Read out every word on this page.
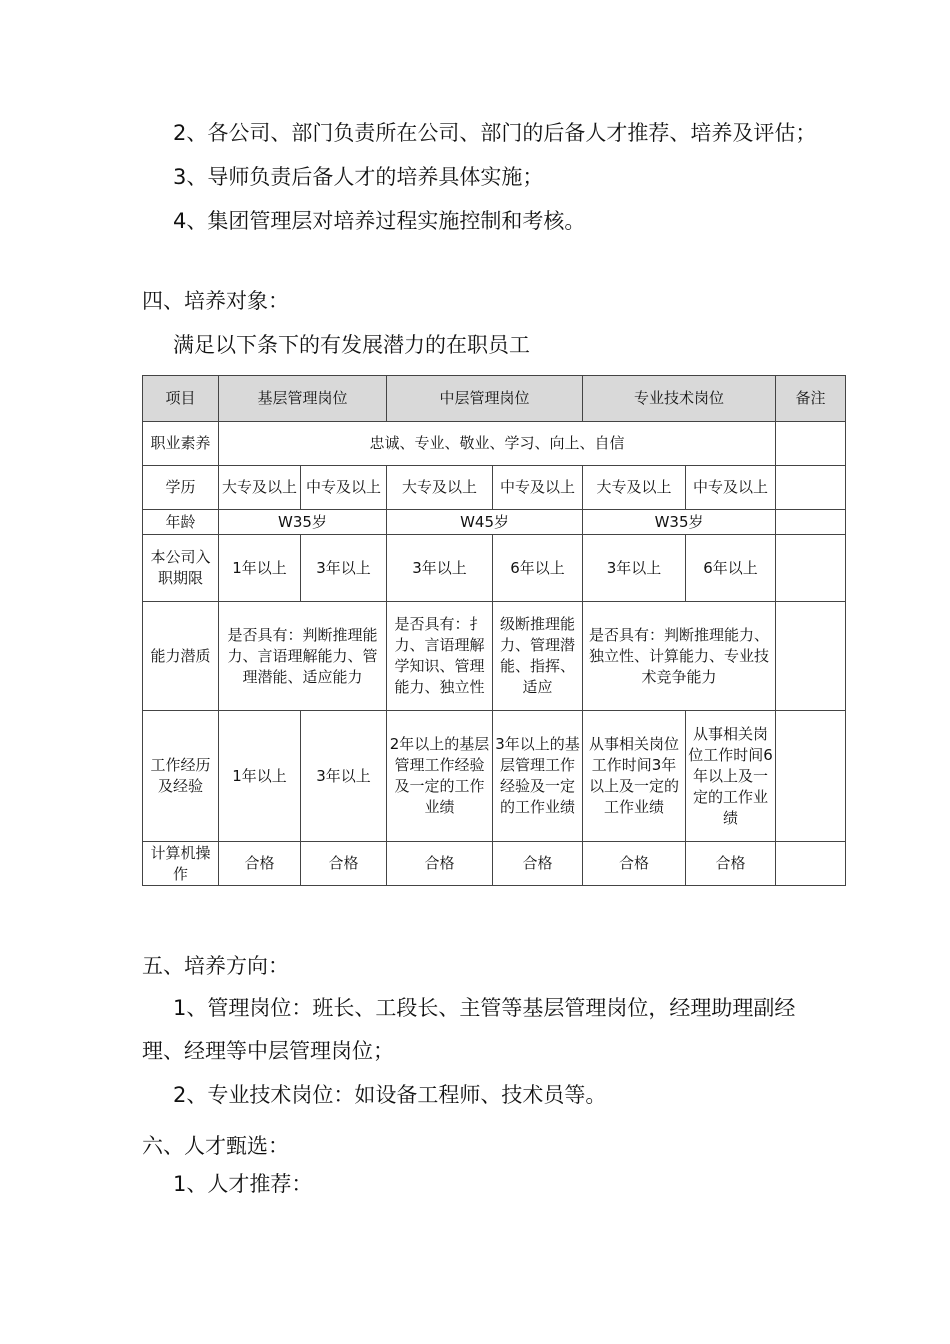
2、各公司、部门负责所在公司、部门的后备人才推荐、培养及评估；
3、导师负责后备人才的培养具体实施；
4、集团管理层对培养过程实施控制和考核。
四、培养对象：
满足以下条下的有发展潜力的在职员工
项目	基层管理岗位		中层管理岗位		专业技术岗位		备注
职业素养	忠诚、专业、敬业、学习、向上、自信						
学历	大专及以上	中专及以上	大专及以上	中专及以上	大专及以上	中专及以上	
年龄	W35岁		W45岁		W35岁		
本公司入职期限	1年以上	3年以上	3年以上	6年以上	3年以上	6年以上	
能力潜质	是否具有：判断推理能力、言语理解能力、管理潜能、适应能力		是否具有：扌力、言语理解学知识、管理能力、独立性	级断推理能力、管理潜能、指挥、适应	是否具有：判断推理能力、独立性、计算能力、专业技术竞争能力		
工作经历及经验	1年以上	3年以上	2年以上的基层管理工作经验及一定的工作业绩	3年以上的基层管理工作经验及一定的工作业绩	从事相关岗位工作时间3年以上及一定的工作业绩	从事相关岗位工作时间6年以上及一定的工作业绩	
计算机操作	合格	合格	合格	合格	合格	合格	
五、培养方向：
1、管理岗位：班长、工段长、主管等基层管理岗位，经理助理副经
理、经理等中层管理岗位；
2、专业技术岗位：如设备工程师、技术员等。
六、人才甄选：
1、人才推荐：
